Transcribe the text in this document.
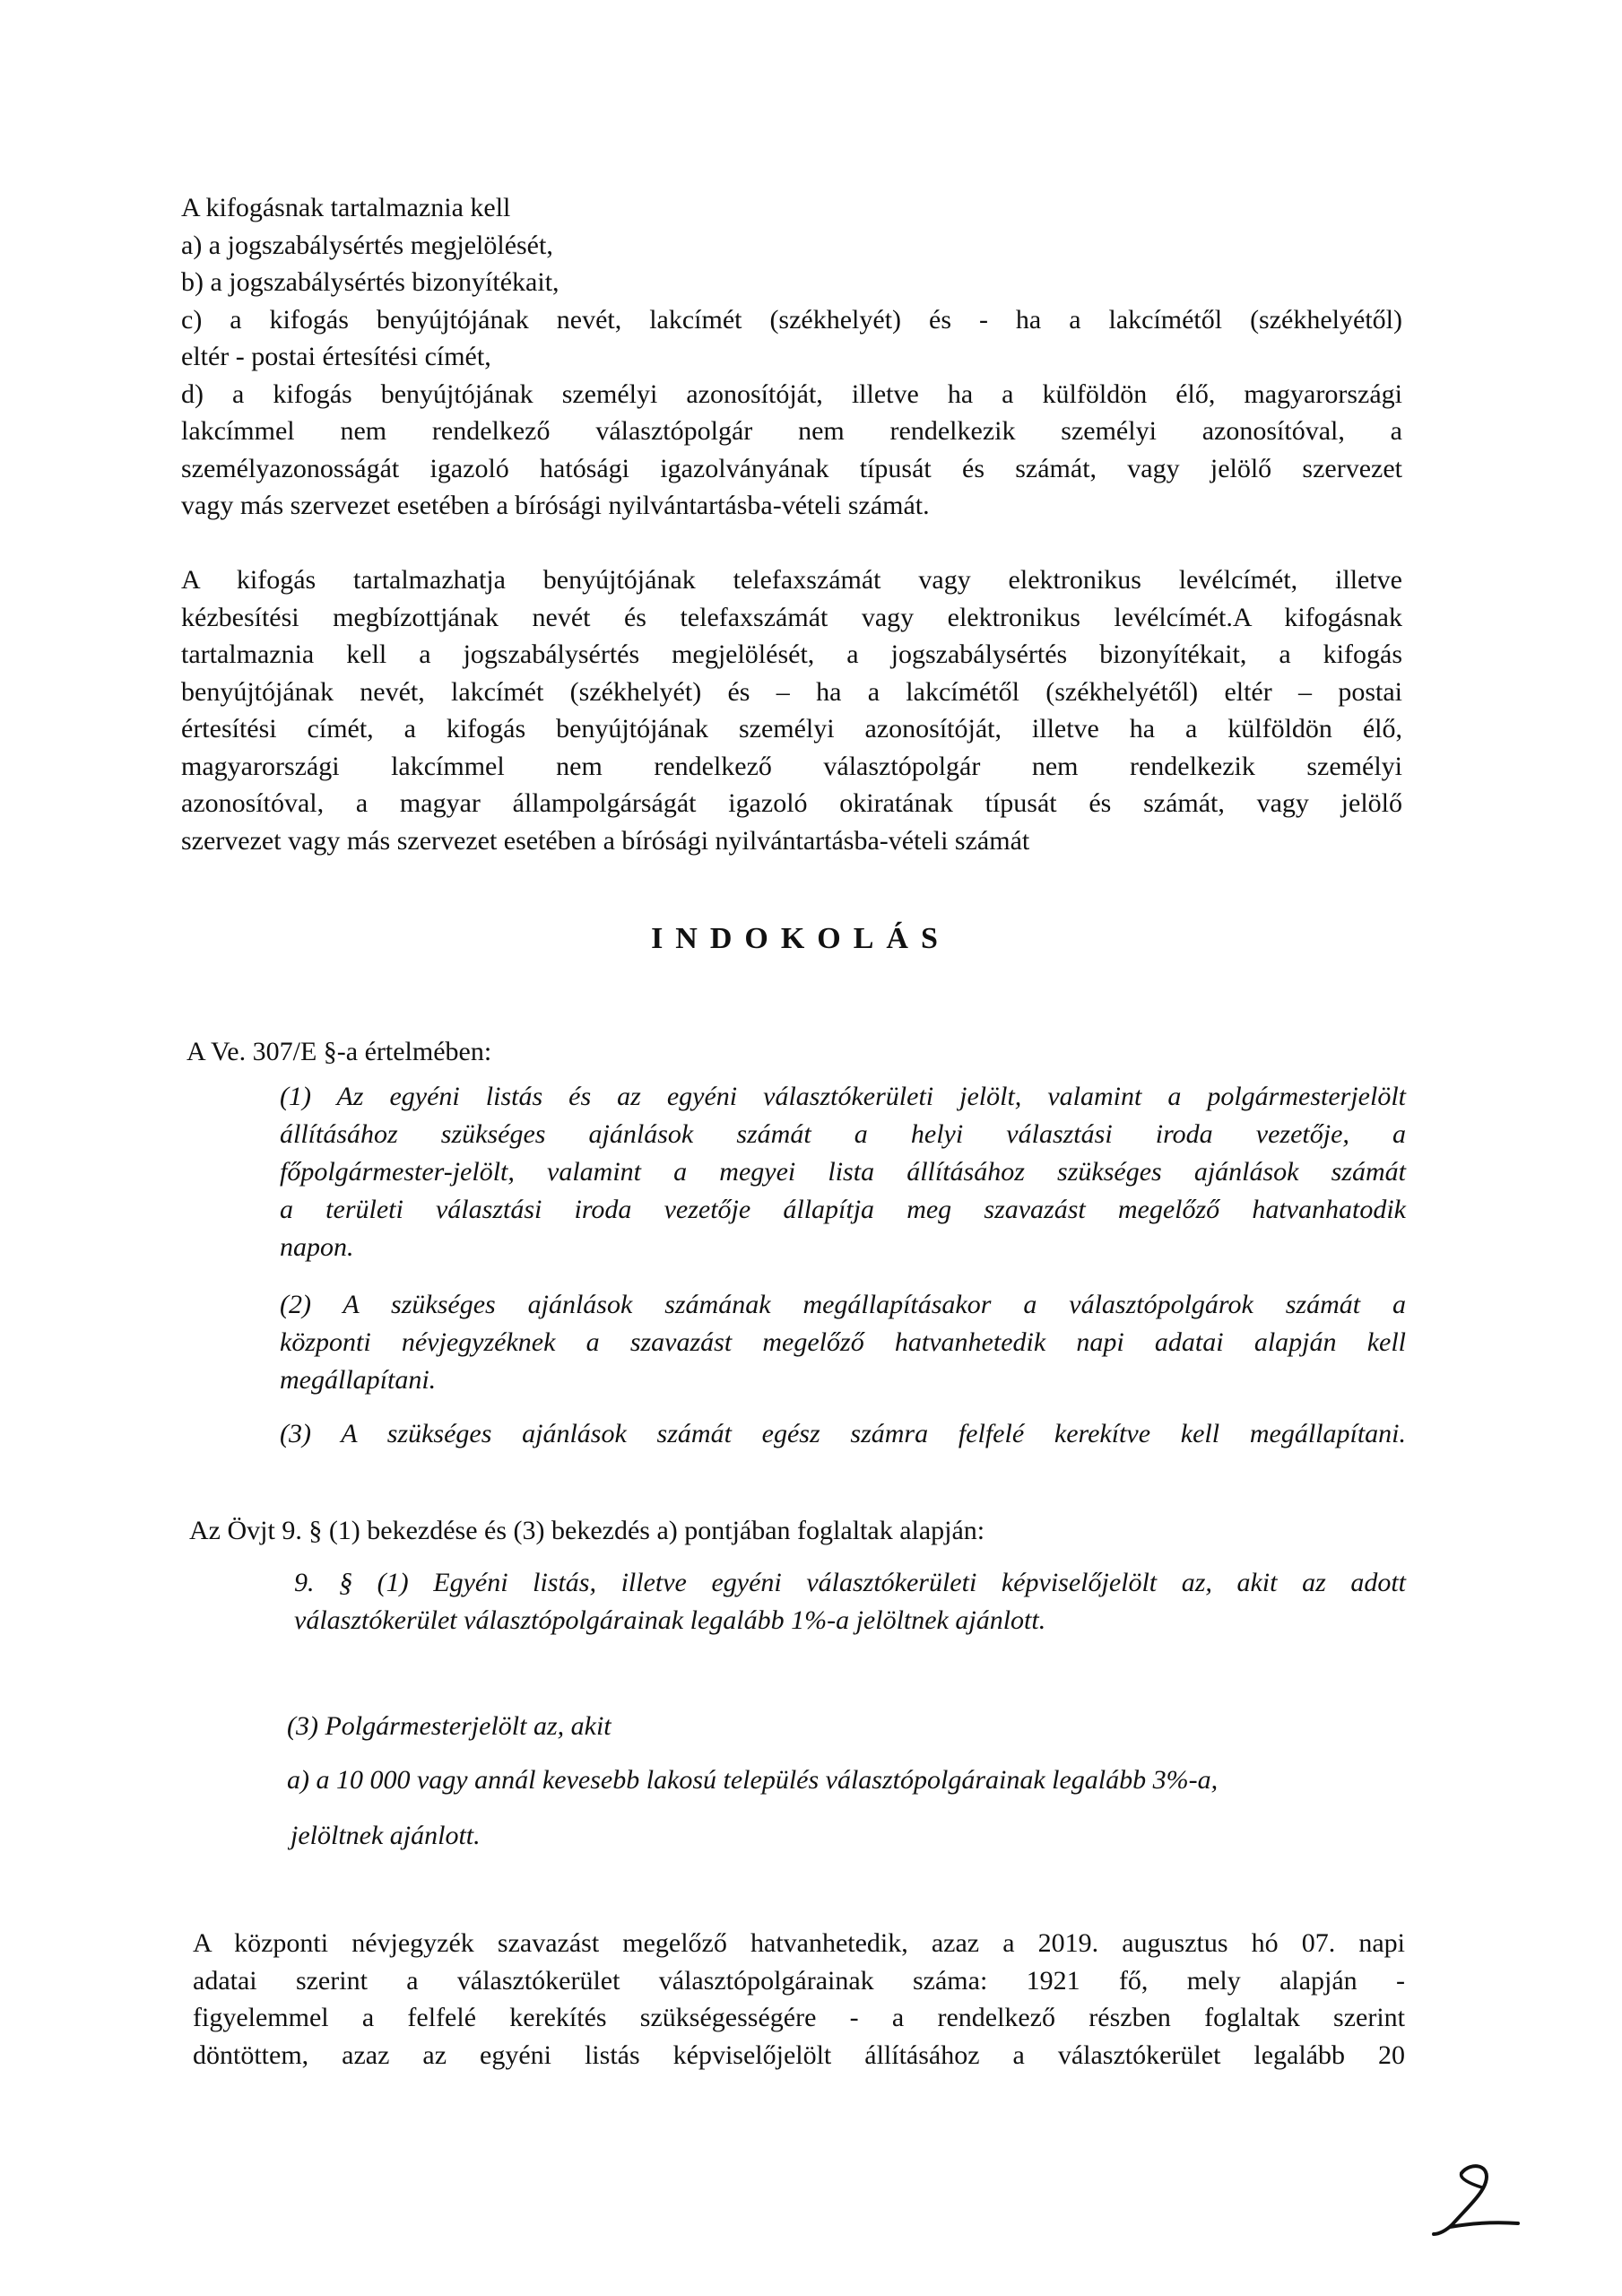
A kifogásnak tartalmaznia kell
a) a jogszabálysértés megjelölését,
b) a jogszabálysértés bizonyítékait,
c) a kifogás benyújtójának nevét, lakcímét (székhelyét) és - ha a lakcímétől (székhelyétől)
eltér - postai értesítési címét,
d) a kifogás benyújtójának személyi azonosítóját, illetve ha a külföldön élő, magyarországi
lakcímmel nem rendelkező választópolgár nem rendelkezik személyi azonosítóval, a
személyazonosságát igazoló hatósági igazolványának típusát és számát, vagy jelölő szervezet
vagy más szervezet esetében a bírósági nyilvántartásba-vételi számát.
A kifogás tartalmazhatja benyújtójának telefaxszámát vagy elektronikus levélcímét, illetve
kézbesítési megbízottjának nevét és telefaxszámát vagy elektronikus levélcímét.A kifogásnak
tartalmaznia kell a jogszabálysértés megjelölését, a jogszabálysértés bizonyítékait, a kifogás
benyújtójának nevét, lakcímét (székhelyét) és – ha a lakcímétől (székhelyétől) eltér – postai
értesítési címét, a kifogás benyújtójának személyi azonosítóját, illetve ha a külföldön élő,
magyarországi lakcímmel nem rendelkező választópolgár nem rendelkezik személyi
azonosítóval, a magyar állampolgárságát igazoló okiratának típusát és számát, vagy jelölő
szervezet vagy más szervezet esetében a bírósági nyilvántartásba-vételi számát
INDOKOLÁS
A Ve. 307/E §-a értelmében:
(1) Az egyéni listás és az egyéni választókerületi jelölt, valamint a polgármesterjelölt
állításához szükséges ajánlások számát a helyi választási iroda vezetője, a
főpolgármester-jelölt, valamint a megyei lista állításához szükséges ajánlások számát
a területi választási iroda vezetője állapítja meg szavazást megelőző hatvanhatodik
napon.
(2) A szükséges ajánlások számának megállapításakor a választópolgárok számát a
központi névjegyzéknek a szavazást megelőző hatvanhetedik napi adatai alapján kell
megállapítani.
(3) A szükséges ajánlások számát egész számra felfelé kerekítve kell megállapítani.
Az Övjt 9. § (1) bekezdése és (3) bekezdés a) pontjában foglaltak alapján:
9. § (1) Egyéni listás, illetve egyéni választókerületi képviselőjelölt az, akit az adott
választókerület választópolgárainak legalább 1%-a jelöltnek ajánlott.
(3) Polgármesterjelölt az, akit
a) a 10 000 vagy annál kevesebb lakosú település választópolgárainak legalább 3%-a,
jelöltnek ajánlott.
A központi névjegyzék szavazást megelőző hatvanhetedik, azaz a 2019. augusztus hó 07. napi
adatai szerint a választókerület választópolgárainak száma: 1921 fő, mely alapján -
figyelemmel a felfelé kerekítés szükségességére - a rendelkező részben foglaltak szerint
döntöttem, azaz az egyéni listás képviselőjelölt állításához a választókerület legalább 20
